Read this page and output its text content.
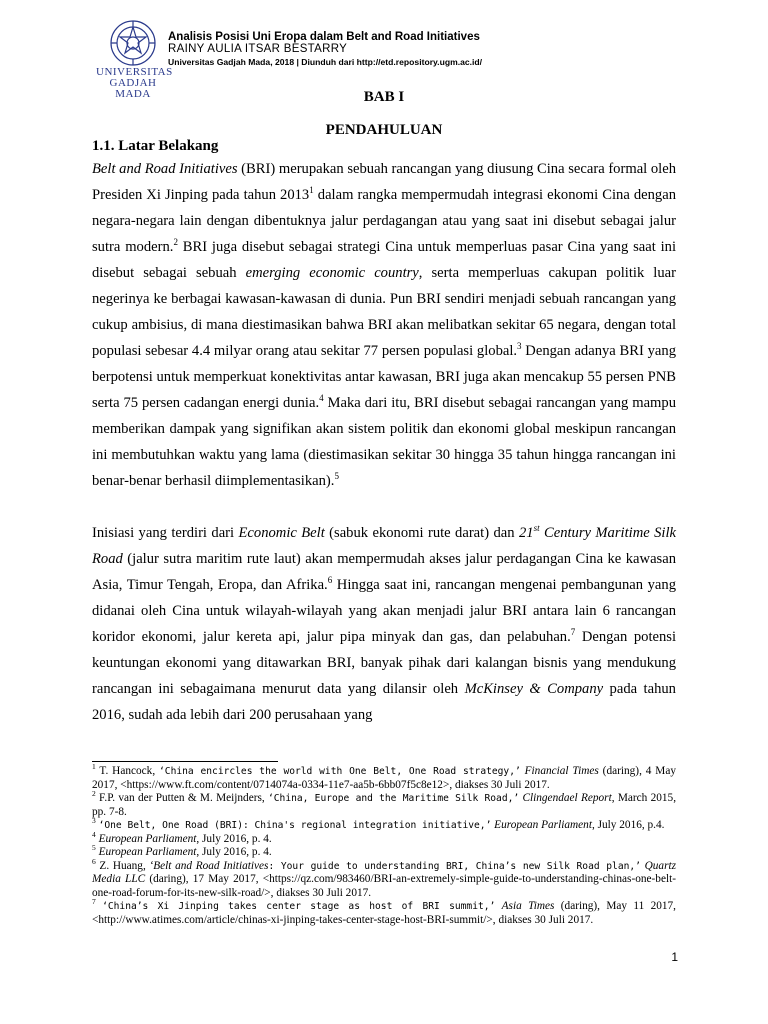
UNIVERSITAS
GADJAH MADA
Analisis Posisi Uni Eropa dalam Belt and Road Initiatives
RAINY AULIA ITSAR BESTARRY
Universitas Gadjah Mada, 2018 | Diunduh dari http://etd.repository.ugm.ac.id/
BAB I
PENDAHULUAN
1.1. Latar Belakang

Belt and Road Initiatives (BRI) merupakan sebuah rancangan yang diusung Cina secara formal oleh Presiden Xi Jinping pada tahun 2013$^1$ dalam rangka mempermudah integrasi ekonomi Cina dengan negara-negara lain dengan dibentuknya jalur perdagangan atau yang saat ini disebut sebagai jalur sutra modern.$^2$ BRI juga disebut sebagai strategi Cina untuk memperluas pasar Cina yang saat ini disebut sebagai sebuah emerging economic country, serta memperluas cakupan politik luar negerinya ke berbagai kawasan-kawasan di dunia. Pun BRI sendiri menjadi sebuah rancangan yang cukup ambisius, di mana diestimasikan bahwa BRI akan melibatkan sekitar 65 negara, dengan total populasi sebesar 4.4 milyar orang atau sekitar 77 persen populasi global.$^3$ Dengan adanya BRI yang berpotensi untuk memperkuat konektivitas antar kawasan, BRI juga akan mencakup 55 persen PNB serta 75 persen cadangan energi dunia.$^4$ Maka dari itu, BRI disebut sebagai rancangan yang mampu memberikan dampak yang signifikan akan sistem politik dan ekonomi global meskipun rancangan ini membutuhkan waktu yang lama (diestimasikan sekitar 30 hingga 35 tahun hingga rancangan ini benar-benar berhasil diimplementasikan).$^5$

Inisiasi yang terdiri dari Economic Belt (sabuk ekonomi rute darat) dan 21st Century Maritime Silk Road (jalur sutra maritim rute laut) akan mempermudah akses jalur perdagangan Cina ke kawasan Asia, Timur Tengah, Eropa, dan Afrika.$^6$ Hingga saat ini, rancangan mengenai pembangunan yang didanai oleh Cina untuk wilayah-wilayah yang akan menjadi jalur BRI antara lain 6 rancangan koridor ekonomi, jalur kereta api, jalur pipa minyak dan gas, dan pelabuhan.$^7$ Dengan potensi keuntungan ekonomi yang ditawarkan BRI, banyak pihak dari kalangan bisnis yang mendukung rancangan ini sebagaimana menurut data yang dilansir oleh McKinsey & Company pada tahun 2016, sudah ada lebih dari 200 perusahaan yang

$^1$ T. Hancock, ‘China encircles the world with One Belt, One Road strategy,’ Financial Times (daring), 4 May 2017, <https://www.ft.com/content/0714074a-0334-11e7-aa5b-6bb07f5c8e12>, diakses 30 Juli 2017.

$^2$ F.P. van der Putten & M. Meijnders, ‘China, Europe and the Maritime Silk Road,’ Clingendael Report, March 2015, pp. 7-8.

$^3$ ‘One Belt, One Road (BRI): China's regional integration initiative,’ European Parliament, July 2016, p.4.

$^4$ European Parliament, July 2016, p. 4.

$^5$ European Parliament, July 2016, p. 4.

$^6$ Z. Huang, ‘Belt and Road Initiatives: Your guide to understanding BRI, China’s new Silk Road plan,’ Quartz Media LLC (daring), 17 May 2017, <https://qz.com/983460/BRI-an-extremely-simple-guide-to-understanding-chinas-one-belt-one-road-forum-for-its-new-silk-road/>, diakses 30 Juli 2017.

$^7$ ‘China’s Xi Jinping takes center stage as host of BRI summit,’ Asia Times (daring), May 11 2017, <http://www.atimes.com/article/chinas-xi-jinping-takes-center-stage-host-BRI-summit/>, diakses 30 Juli 2017.

1
